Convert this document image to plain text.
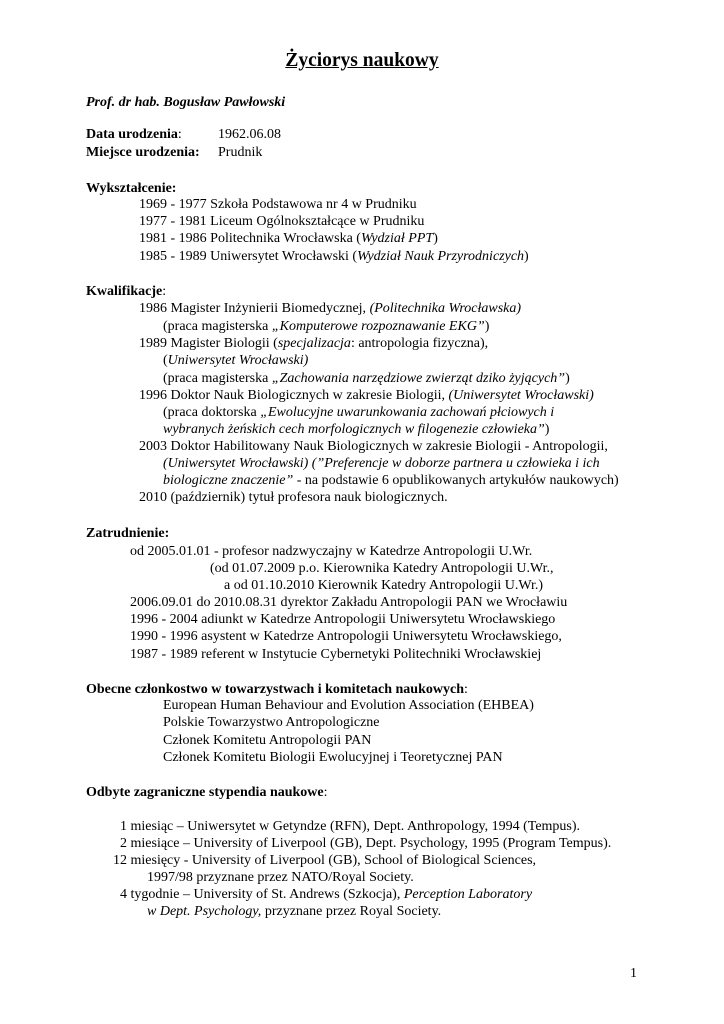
Życiorys naukowy
Prof. dr hab. Bogusław Pawłowski
Data urodzenia:	1962.06.08
Miejsce urodzenia: Prudnik
Wykształcenie:
1969 - 1977 Szkoła Podstawowa nr 4 w Prudniku
1977 - 1981 Liceum Ogólnokształcące w Prudniku
1981 - 1986 Politechnika Wrocławska (Wydział PPT)
1985 - 1989 Uniwersytet Wrocławski (Wydział Nauk Przyrodniczych)
Kwalifikacje:
1986 Magister Inżynierii Biomedycznej, (Politechnika Wrocławska)
(praca magisterska „Komputerowe rozpoznawanie EKG”)
1989 Magister Biologii (specjalizacja: antropologia fizyczna),
(Uniwersytet Wrocławski)
(praca magisterska „Zachowania narzędziowe zwierząt dziko żyjących”)
1996 Doktor Nauk Biologicznych w zakresie Biologii, (Uniwersytet Wrocławski)
(praca doktorska „Ewolucyjne uwarunkowania zachowań płciowych i
wybranych żeńskich cech morfologicznych w filogenezie człowieka”)
2003 Doktor Habilitowany Nauk Biologicznych w zakresie Biologii - Antropologii,
(Uniwersytet Wrocławski) (”Preferencje w doborze partnera u człowieka i ich
biologiczne znaczenie” - na podstawie 6 opublikowanych artykułów naukowych)
2010 (październik) tytuł profesora nauk biologicznych.
Zatrudnienie:
od 2005.01.01 - profesor nadzwyczajny w Katedrze Antropologii U.Wr.
(od 01.07.2009 p.o. Kierownika Katedry Antropologii U.Wr.,
a od 01.10.2010 Kierownik Katedry Antropologii U.Wr.)
2006.09.01 do 2010.08.31 dyrektor Zakładu Antropologii PAN we Wrocławiu
1996 - 2004 adiunkt w Katedrze Antropologii Uniwersytetu Wrocławskiego
1990 - 1996 asystent w Katedrze Antropologii Uniwersytetu Wrocławskiego,
1987 - 1989 referent w Instytucie Cybernetyki Politechniki Wrocławskiej
Obecne członkostwo w towarzystwach i komitetach naukowych:
European Human Behaviour and Evolution Association (EHBEA)
Polskie Towarzystwo Antropologiczne
Członek Komitetu Antropologii PAN
Członek Komitetu Biologii Ewolucyjnej i Teoretycznej PAN
Odbyte zagraniczne stypendia naukowe:
1 miesiąc – Uniwersytet w Getyndze (RFN), Dept. Anthropology, 1994 (Tempus).
2 miesiące – University of Liverpool (GB), Dept. Psychology, 1995 (Program Tempus).
12 miesięcy - University of Liverpool (GB), School of Biological Sciences,
1997/98 przyznane przez NATO/Royal Society.
4 tygodnie – University of St. Andrews (Szkocja), Perception Laboratory
w Dept. Psychology, przyznane przez Royal Society.
1
